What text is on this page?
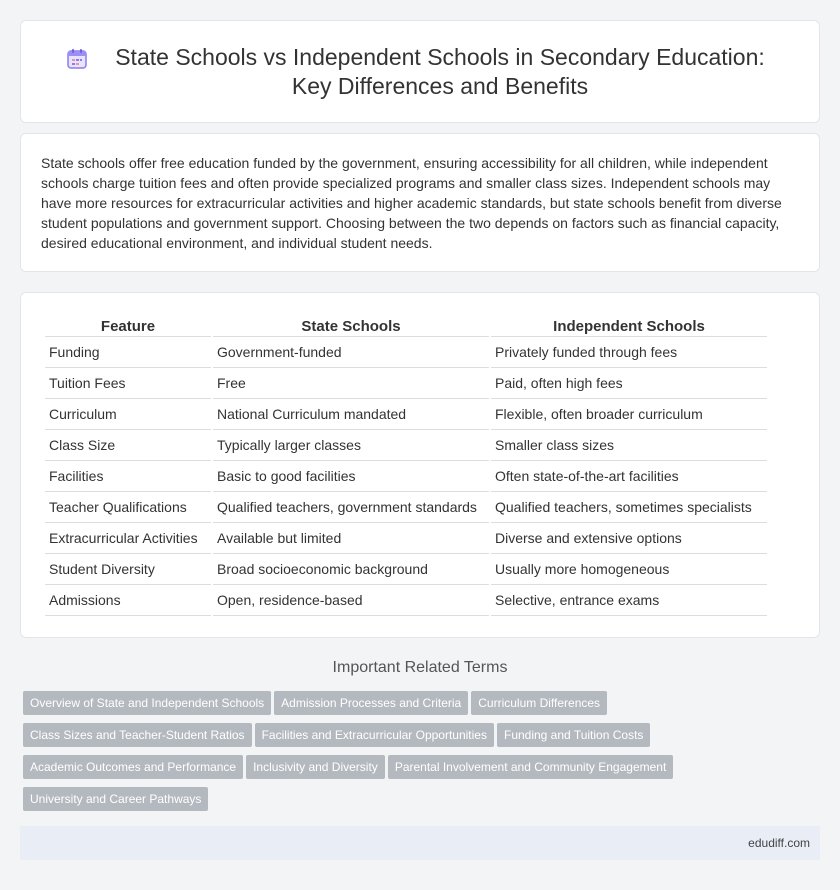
State Schools vs Independent Schools in Secondary Education: Key Differences and Benefits

State schools offer free education funded by the government, ensuring accessibility for all children, while independent schools charge tuition fees and often provide specialized programs and smaller class sizes. Independent schools may have more resources for extracurricular activities and higher academic standards, but state schools benefit from diverse student populations and government support. Choosing between the two depends on factors such as financial capacity, desired educational environment, and individual student needs.

Feature	State Schools	Independent Schools
Funding	Government-funded	Privately funded through fees
Tuition Fees	Free	Paid, often high fees
Curriculum	National Curriculum mandated	Flexible, often broader curriculum
Class Size	Typically larger classes	Smaller class sizes
Facilities	Basic to good facilities	Often state-of-the-art facilities
Teacher Qualifications	Qualified teachers, government standards	Qualified teachers, sometimes specialists
Extracurricular Activities	Available but limited	Diverse and extensive options
Student Diversity	Broad socioeconomic background	Usually more homogeneous
Admissions	Open, residence-based	Selective, entrance exams
Important Related Terms
Overview of State and Independent Schools Admission Processes and Criteria Curriculum Differences
Class Sizes and Teacher-Student Ratios Facilities and Extracurricular Opportunities Funding and Tuition Costs
Academic Outcomes and Performance Inclusivity and Diversity Parental Involvement and Community Engagement
University and Career Pathways
edudiff.com
